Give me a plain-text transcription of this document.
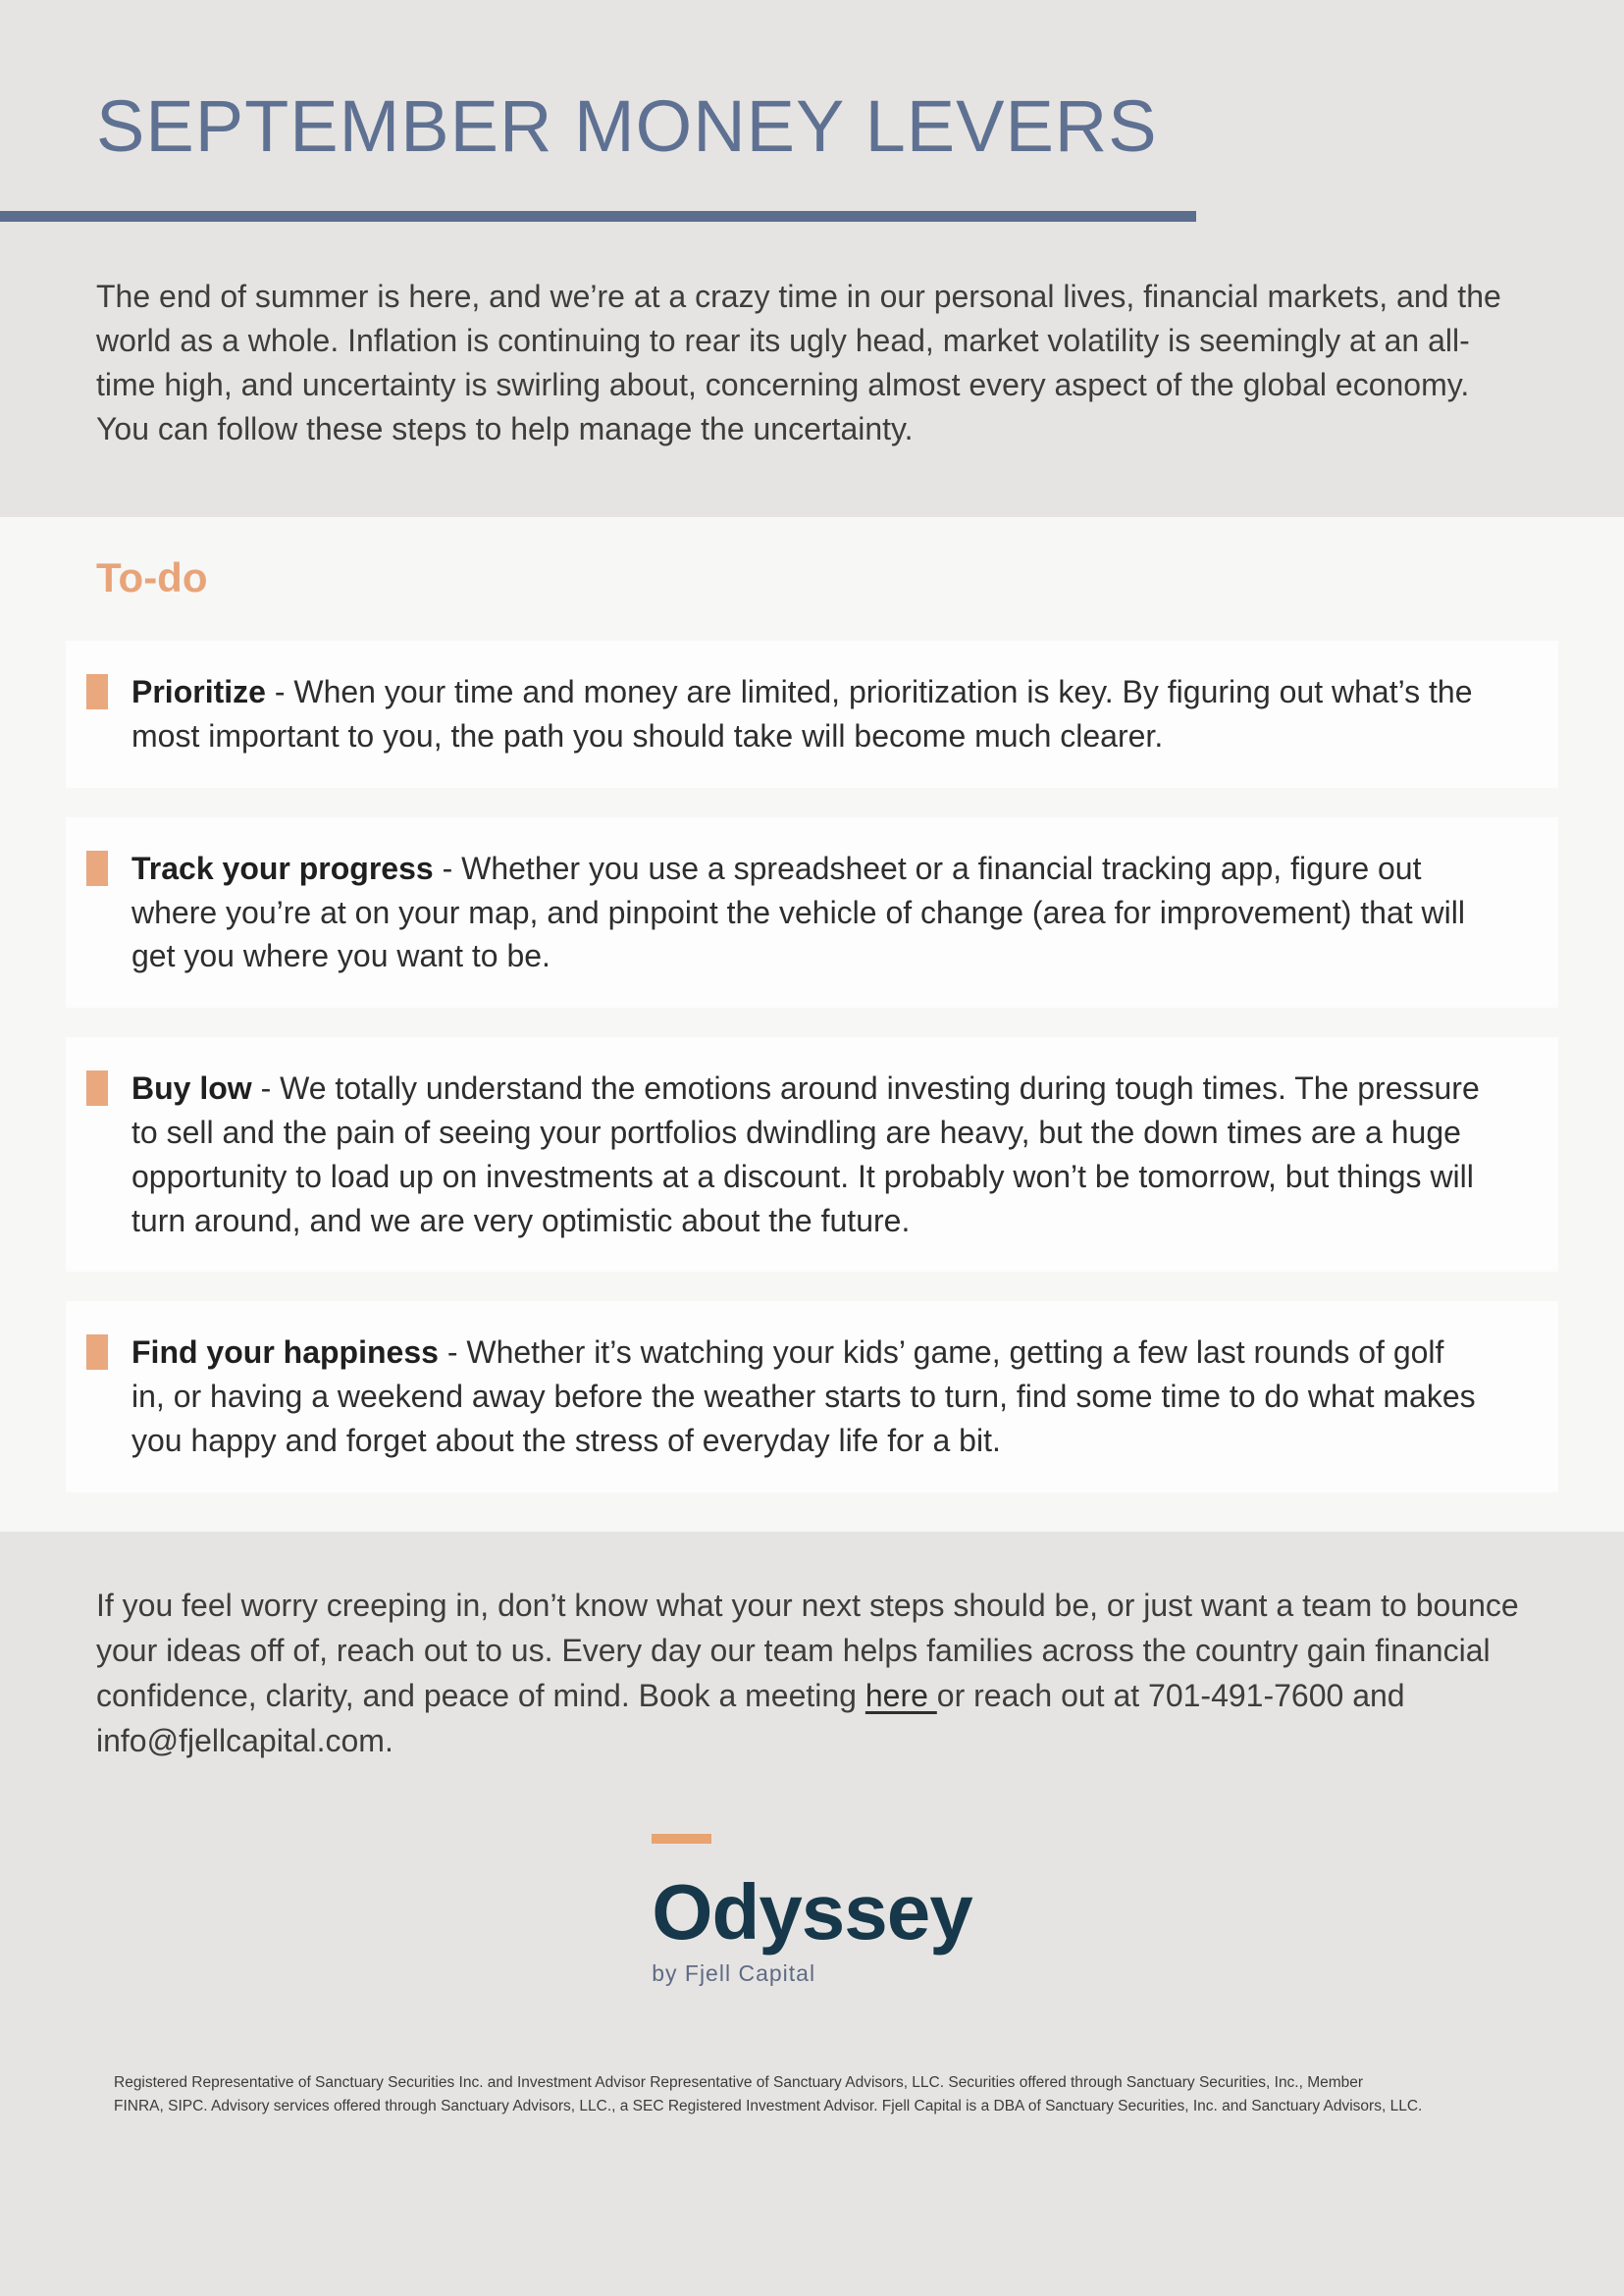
SEPTEMBER MONEY LEVERS

The end of summer is here, and we’re at a crazy time in our personal lives, financial markets, and the world as a whole. Inflation is continuing to rear its ugly head, market volatility is seemingly at an all-time high, and uncertainty is swirling about, concerning almost every aspect of the global economy. You can follow these steps to help manage the uncertainty.

To-do

Prioritize - When your time and money are limited, prioritization is key. By figuring out what’s the most important to you, the path you should take will become much clearer.

Track your progress - Whether you use a spreadsheet or a financial tracking app, figure out where you’re at on your map, and pinpoint the vehicle of change (area for improvement) that will get you where you want to be.

Buy low - We totally understand the emotions around investing during tough times. The pressure to sell and the pain of seeing your portfolios dwindling are heavy, but the down times are a huge opportunity to load up on investments at a discount. It probably won’t be tomorrow, but things will turn around, and we are very optimistic about the future.

Find your happiness - Whether it’s watching your kids’ game, getting a few last rounds of golf in, or having a weekend away before the weather starts to turn, find some time to do what makes you happy and forget about the stress of everyday life for a bit.

If you feel worry creeping in, don’t know what your next steps should be, or just want a team to bounce your ideas off of, reach out to us. Every day our team helps families across the country gain financial confidence, clarity, and peace of mind. Book a meeting here or reach out at 701-491-7600 and info@fjellcapital.com.

Odyssey
by Fjell Capital
Registered Representative of Sanctuary Securities Inc. and Investment Advisor Representative of Sanctuary Advisors, LLC. Securities offered through Sanctuary Securities, Inc., Member
FINRA, SIPC. Advisory services offered through Sanctuary Advisors, LLC., a SEC Registered Investment Advisor. Fjell Capital is a DBA of Sanctuary Securities, Inc. and Sanctuary Advisors, LLC.
